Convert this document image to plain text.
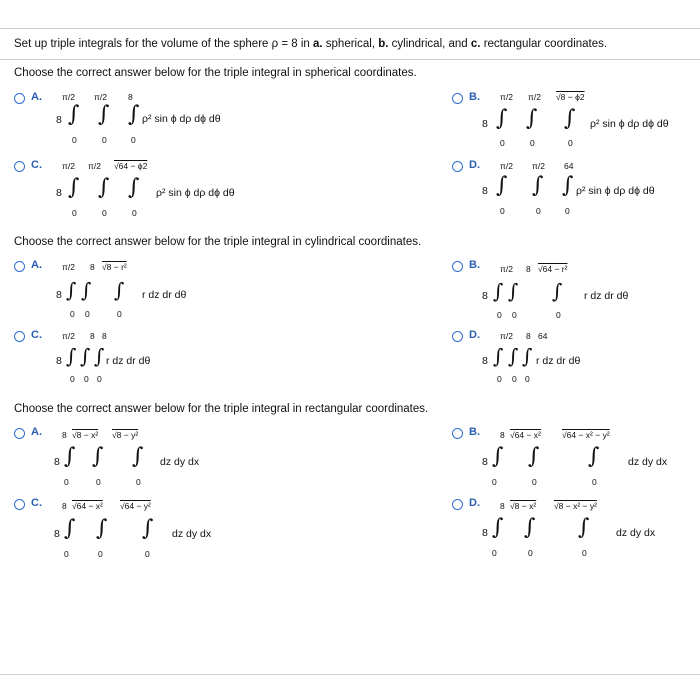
Set up triple integrals for the volume of the sphere ρ = 8 in a. spherical, b. cylindrical, and c. rectangular coordinates.
Choose the correct answer below for the triple integral in spherical coordinates.
A. π/2 π/2 8
8 ∫ ∫ ∫
0	0	0
ρ² sin ϕ dρ dϕ dθ
B. π/2 π/2 √8 − ϕ2
8 ∫ ∫ ∫
0	0	0
ρ² sin ϕ dρ dϕ dθ
C. π/2 π/2 √64 − ϕ2
8 ∫ ∫ ∫
0	0	0
ρ² sin ϕ dρ dϕ dθ
D. π/2 π/2 64
8 ∫ ∫ ∫
0	0	0
ρ² sin ϕ dρ dϕ dθ
Choose the correct answer below for the triple integral in cylindrical coordinates.
A. π/2 8 √8 − r²
8 ∫ ∫ ∫
0 0	0
r dz dr dθ
B. π/2 8 √64 − r²
8 ∫ ∫ ∫
0 0	0
r dz dr dθ
C. π/2 8 8
8 ∫ ∫ ∫
0 0 0
r dz dr dθ
D. π/2 8 64
8 ∫ ∫ ∫
0 0 0
r dz dr dθ
Choose the correct answer below for the triple integral in rectangular coordinates.
A. 8 √8 − x² √8 − y²
8 ∫ ∫ ∫
0	0	0
dz dy dx
B. 8 √64 − x² √64 − x² − y²
8 ∫ ∫ ∫
0	0	0
dz dy dx
C. 8 √64 − x² √64 − y²
8 ∫ ∫ ∫
0	0	0
dz dy dx
D. 8 √8 − x² √8 − x² − y²
8 ∫ ∫ ∫
0	0	0
dz dy dx
